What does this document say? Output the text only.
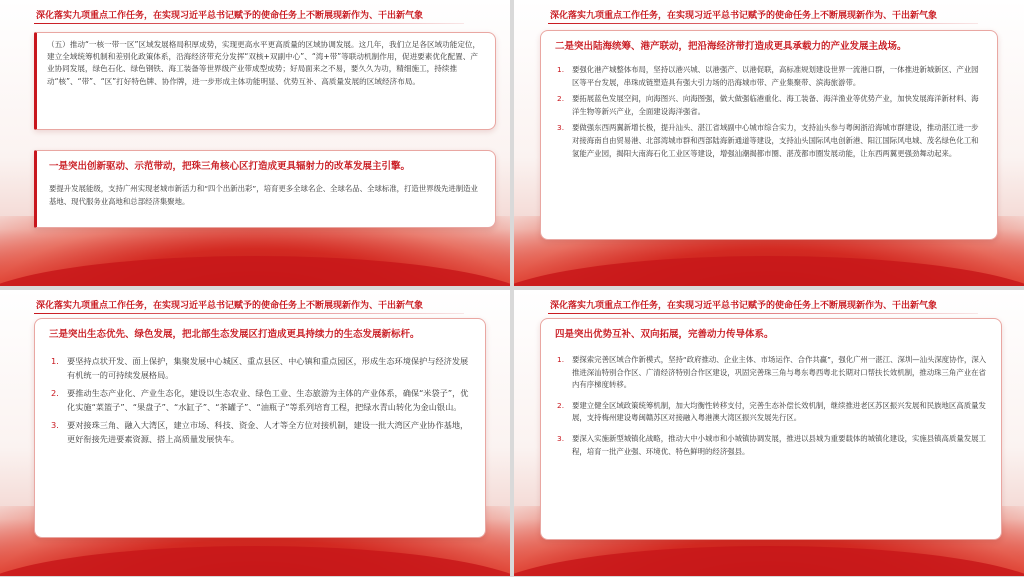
深化落实九项重点工作任务，在实现习近平总书记赋予的使命任务上不断展现新作为、干出新气象
（五）推动“一核一带一区”区域发展格局积厚成势，实现更高水平更高质量的区域协调发展。这几年，我们立足各区域功能定位，建立全域统筹机制和差别化政策体系，沿海经济带充分发挥“双核+双副中心”、“湾+带”等联动机制作用，促进要素优化配置、产业协同发展，绿色石化、绿色钢铁、海工装备等世界级产业带成型成势；好局面来之不易，要久久为功，精细施工，持续推动“核”、“带”、“区”打好特色牌、协作牌，进一步形成主体功能明显、优势互补、高质量发展的区域经济布局。
一是突出创新驱动、示范带动，把珠三角核心区打造成更具辐射力的改革发展主引擎。
要提升发展能级，支持广州实现老城市新活力和“四个出新出彩”，培育更多全球名企、全球名品、全球标准，打造世界级先进制造业基地、现代服务业高地和总部经济集聚地。
深化落实九项重点工作任务，在实现习近平总书记赋予的使命任务上不断展现新作为、干出新气象
二是突出陆海统筹、港产联动，把沿海经济带打造成更具承载力的产业发展主战场。
1. 要强化港产城整体布局，坚持以港兴城、以港强产、以港促联，高标准规划建设世界一流港口群，一体推进新城新区、产业园区等平台发展，串珠成链塑造具有强大引力场的沿海城市带、产业集聚带、滨海旅游带。
2. 要拓展蓝色发展空间，向海图兴、向海图强，做大做强临港重化、海工装备、海洋渔业等优势产业，加快发展海洋新材料、海洋生物等新兴产业，全面建设海洋强省。
3. 要做强东西两翼新增长极，提升汕头、湛江省域副中心城市综合实力，支持汕头参与粤闽浙沿海城市群建设，推动湛江进一步对接海南自由贸易港、北部湾城市群和西部陆海新通道等建设，支持汕头国际风电创新港、阳江国际风电城、茂名绿色化工和氢能产业园，揭阳大南海石化工业区等建设，增强汕潮揭都市圈、湛茂都市圈发展动能，让东西两翼更强劲舞动起来。
深化落实九项重点工作任务，在实现习近平总书记赋予的使命任务上不断展现新作为、干出新气象
三是突出生态优先、绿色发展，把北部生态发展区打造成更具持续力的生态发展新标杆。
1. 要坚持点状开发、面上保护，集聚发展中心城区、重点县区、中心镇和重点园区，形成生态环境保护与经济发展有机统一的可持续发展格局。
2. 要推动生态产业化、产业生态化，建设以生态农业、绿色工业、生态旅游为主体的产业体系，确保“米袋子”，优化实施“菜篮子”、“果盘子”、“水缸子”、“茶罐子”、“油瓶子”等系列培育工程，把绿水青山转化为金山银山。
3. 要对接珠三角、融入大湾区，建立市场、科技、资金、人才等全方位对接机制，建设一批大湾区产业协作基地，更好衔接先进要素资源、搭上高质量发展快车。
深化落实九项重点工作任务，在实现习近平总书记赋予的使命任务上不断展现新作为、干出新气象
四是突出优势互补、双向拓展，完善动力传导体系。
1. 要探索完善区域合作新模式，坚持“政府推动、企业主体、市场运作、合作共赢”，强化广州一湛江、深圳—汕头深度协作，深入推进深汕特别合作区、广清经济特别合作区建设，巩固完善珠三角与粤东粤西粤北长期对口帮扶长效机制，推动珠三角产业在省内有序梯度转移。
2. 要建立健全区域政策统筹机制，加大均衡性转移支付，完善生态补偿长效机制，继续推进老区苏区振兴发展和民族地区高质量发展，支持梅州建设粤闽赣苏区对接融入粤港澳大湾区振兴发展先行区。
3. 要深入实施新型城镇化战略，推动大中小城市和小城镇协调发展，推进以县城为重要载体的城镇化建设，实施县镇高质量发展工程，培育一批产业强、环境优、特色鲜明的经济强县。
